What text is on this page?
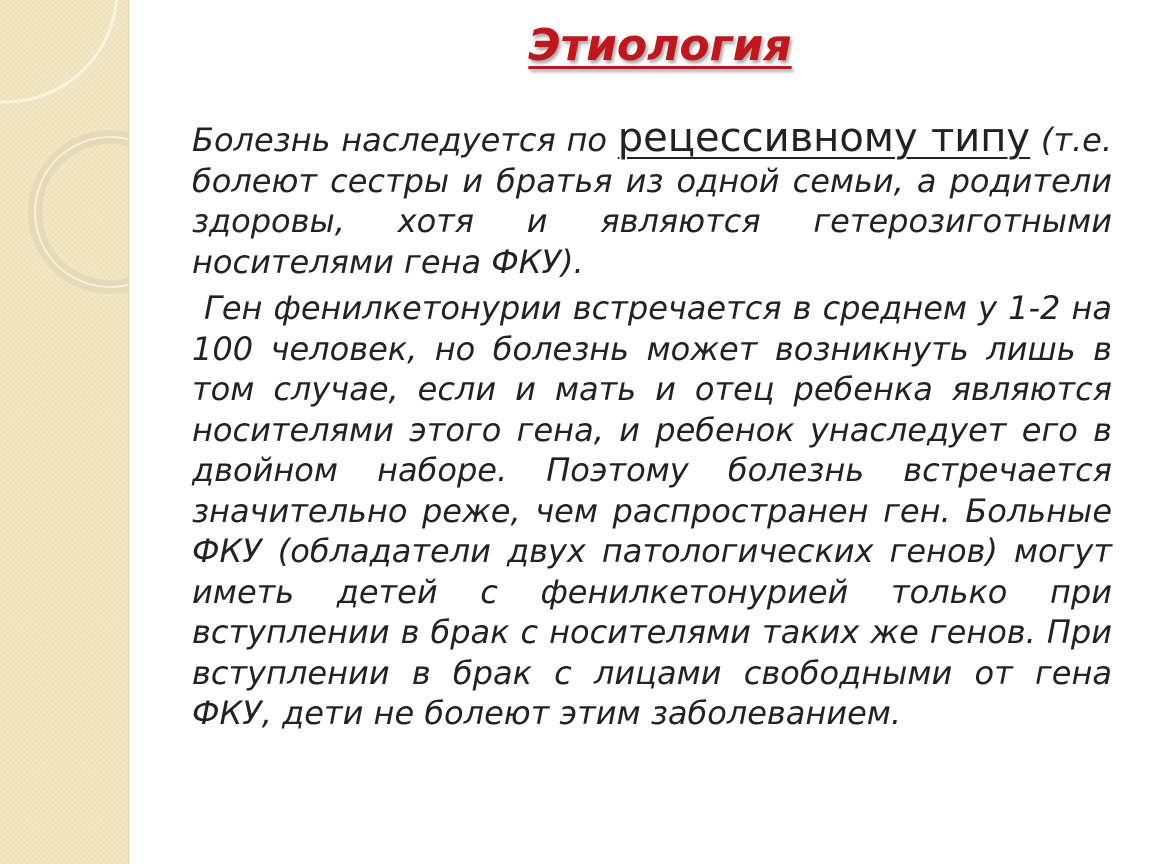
Этиология

Болезнь наследуется по рецессивному типу (т.е. болеют сестры и братья из одной семьи, а родители здоровы, хотя и являются гетерозиготными носителями гена ФКУ).

Ген фенилкетонурии встречается в среднем у 1-2 на 100 человек, но болезнь может возникнуть лишь в том случае, если и мать и отец ребенка являются носителями этого гена, и ребенок унаследует его в двойном наборе. Поэтому болезнь встречается значительно реже, чем распространен ген. Больные ФКУ (обладатели двух патологических генов) могут иметь детей с фенилкетонурией только при вступлении в брак с носителями таких же генов. При вступлении в брак с лицами свободными от гена ФКУ, дети не болеют этим заболеванием.
